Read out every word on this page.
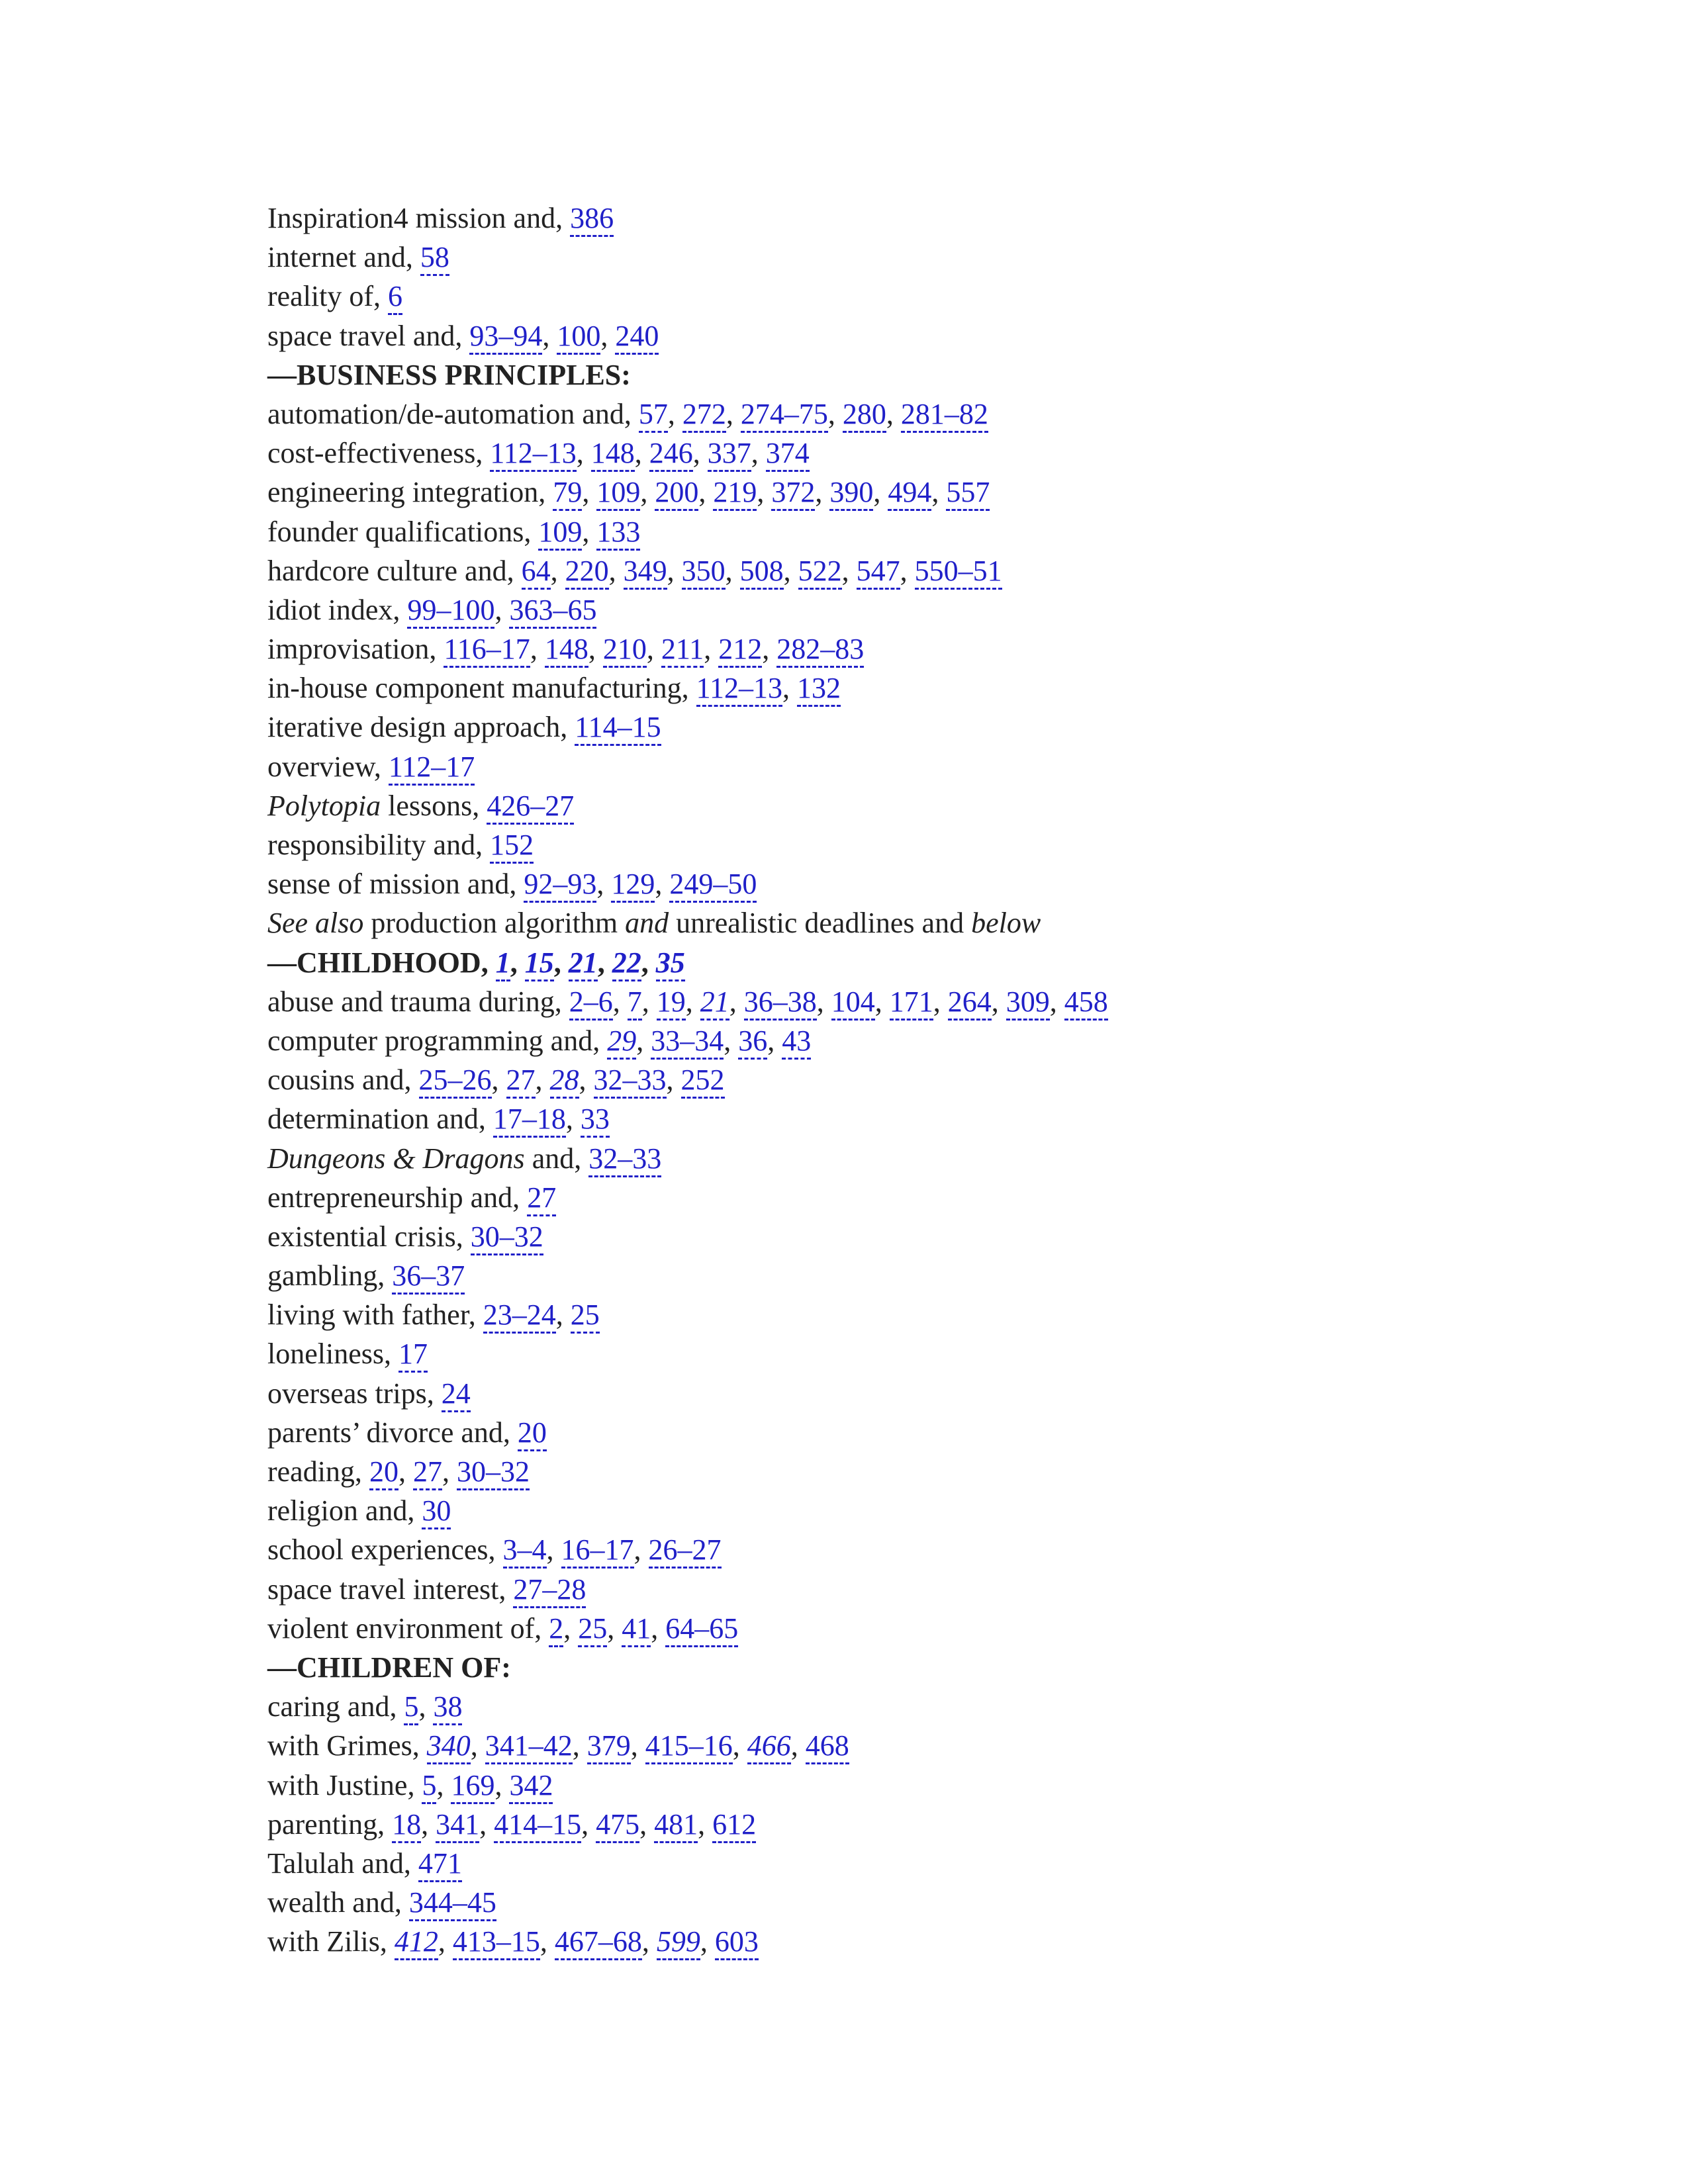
Inspiration4 mission and, 386
internet and, 58
reality of, 6
space travel and, 93–94, 100, 240
—BUSINESS PRINCIPLES:
automation/de-automation and, 57, 272, 274–75, 280, 281–82
cost-effectiveness, 112–13, 148, 246, 337, 374
engineering integration, 79, 109, 200, 219, 372, 390, 494, 557
founder qualifications, 109, 133
hardcore culture and, 64, 220, 349, 350, 508, 522, 547, 550–51
idiot index, 99–100, 363–65
improvisation, 116–17, 148, 210, 211, 212, 282–83
in-house component manufacturing, 112–13, 132
iterative design approach, 114–15
overview, 112–17
Polytopia lessons, 426–27
responsibility and, 152
sense of mission and, 92–93, 129, 249–50
See also production algorithm and unrealistic deadlines and below
—CHILDHOOD, 1, 15, 21, 22, 35
abuse and trauma during, 2–6, 7, 19, 21, 36–38, 104, 171, 264, 309, 458
computer programming and, 29, 33–34, 36, 43
cousins and, 25–26, 27, 28, 32–33, 252
determination and, 17–18, 33
Dungeons & Dragons and, 32–33
entrepreneurship and, 27
existential crisis, 30–32
gambling, 36–37
living with father, 23–24, 25
loneliness, 17
overseas trips, 24
parents’ divorce and, 20
reading, 20, 27, 30–32
religion and, 30
school experiences, 3–4, 16–17, 26–27
space travel interest, 27–28
violent environment of, 2, 25, 41, 64–65
—CHILDREN OF:
caring and, 5, 38
with Grimes, 340, 341–42, 379, 415–16, 466, 468
with Justine, 5, 169, 342
parenting, 18, 341, 414–15, 475, 481, 612
Talulah and, 471
wealth and, 344–45
with Zilis, 412, 413–15, 467–68, 599, 603
